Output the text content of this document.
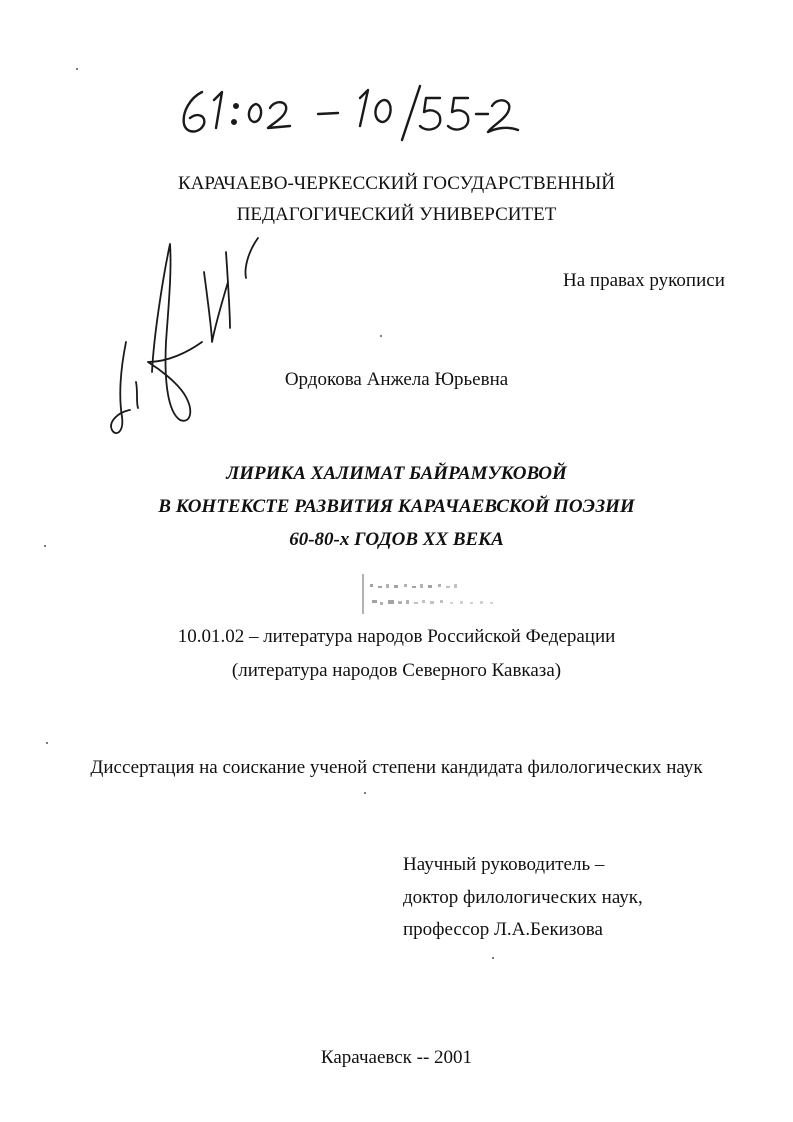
КАРАЧАЕВО-ЧЕРКЕССКИЙ ГОСУДАРСТВЕННЫЙ
ПЕДАГОГИЧЕСКИЙ УНИВЕРСИТЕТ
На правах рукописи
Ордокова Анжела Юрьевна
ЛИРИКА ХАЛИМАТ БАЙРАМУКОВОЙ
В КОНТЕКСТЕ РАЗВИТИЯ КАРАЧАЕВСКОЙ ПОЭЗИИ
60-80-х ГОДОВ XX ВЕКА
10.01.02 – литература народов Российской Федерации
(литература народов Северного Кавказа)
Диссертация на соискание ученой степени кандидата филологических наук
Научный руководитель –
доктор филологических наук,
профессор Л.А.Бекизова
Карачаевск -- 2001
